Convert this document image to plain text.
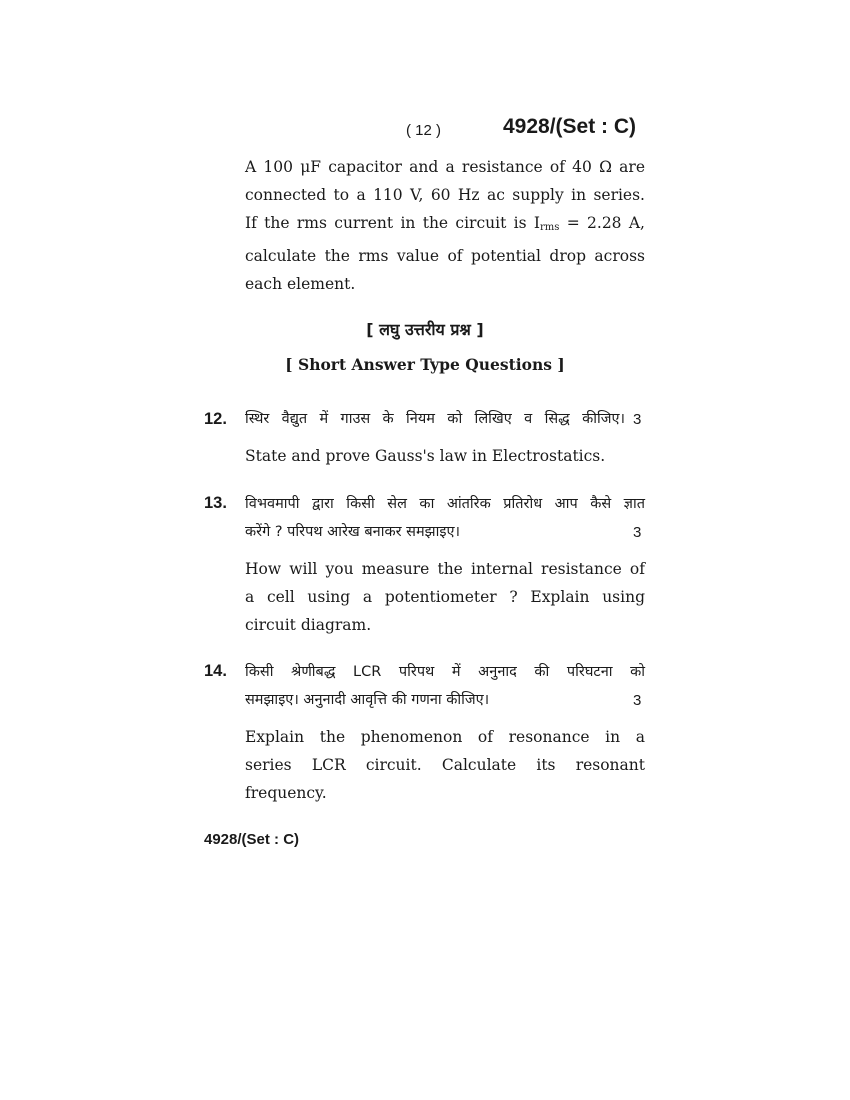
( 12 )	4928/(Set : C)
A 100 μF capacitor and a resistance of 40 Ω are
connected to a 110 V, 60 Hz ac supply in series.
If the rms current in the circuit is $I_{rms} = 2.28$ A,
calculate the rms value of potential drop across
each element.
[ लघु उत्तरीय प्रश्न ]
[ Short Answer Type Questions ]
12. स्थिर वैद्युत में गाउस के नियम को लिखिए व सिद्ध कीजिए। 3
State and prove Gauss's law in Electrostatics.
13. विभवमापी द्वारा किसी सेल का आंतरिक प्रतिरोध आप कैसे ज्ञात
करेंगे ? परिपथ आरेख बनाकर समझाइए।	3
How will you measure the internal resistance of
a cell using a potentiometer ? Explain using
circuit diagram.
14. किसी श्रेणीबद्ध LCR परिपथ में अनुनाद की परिघटना को
समझाइए। अनुनादी आवृत्ति की गणना कीजिए।	3
Explain the phenomenon of resonance in a
series LCR circuit. Calculate its resonant
frequency.
4928/(Set : C)
